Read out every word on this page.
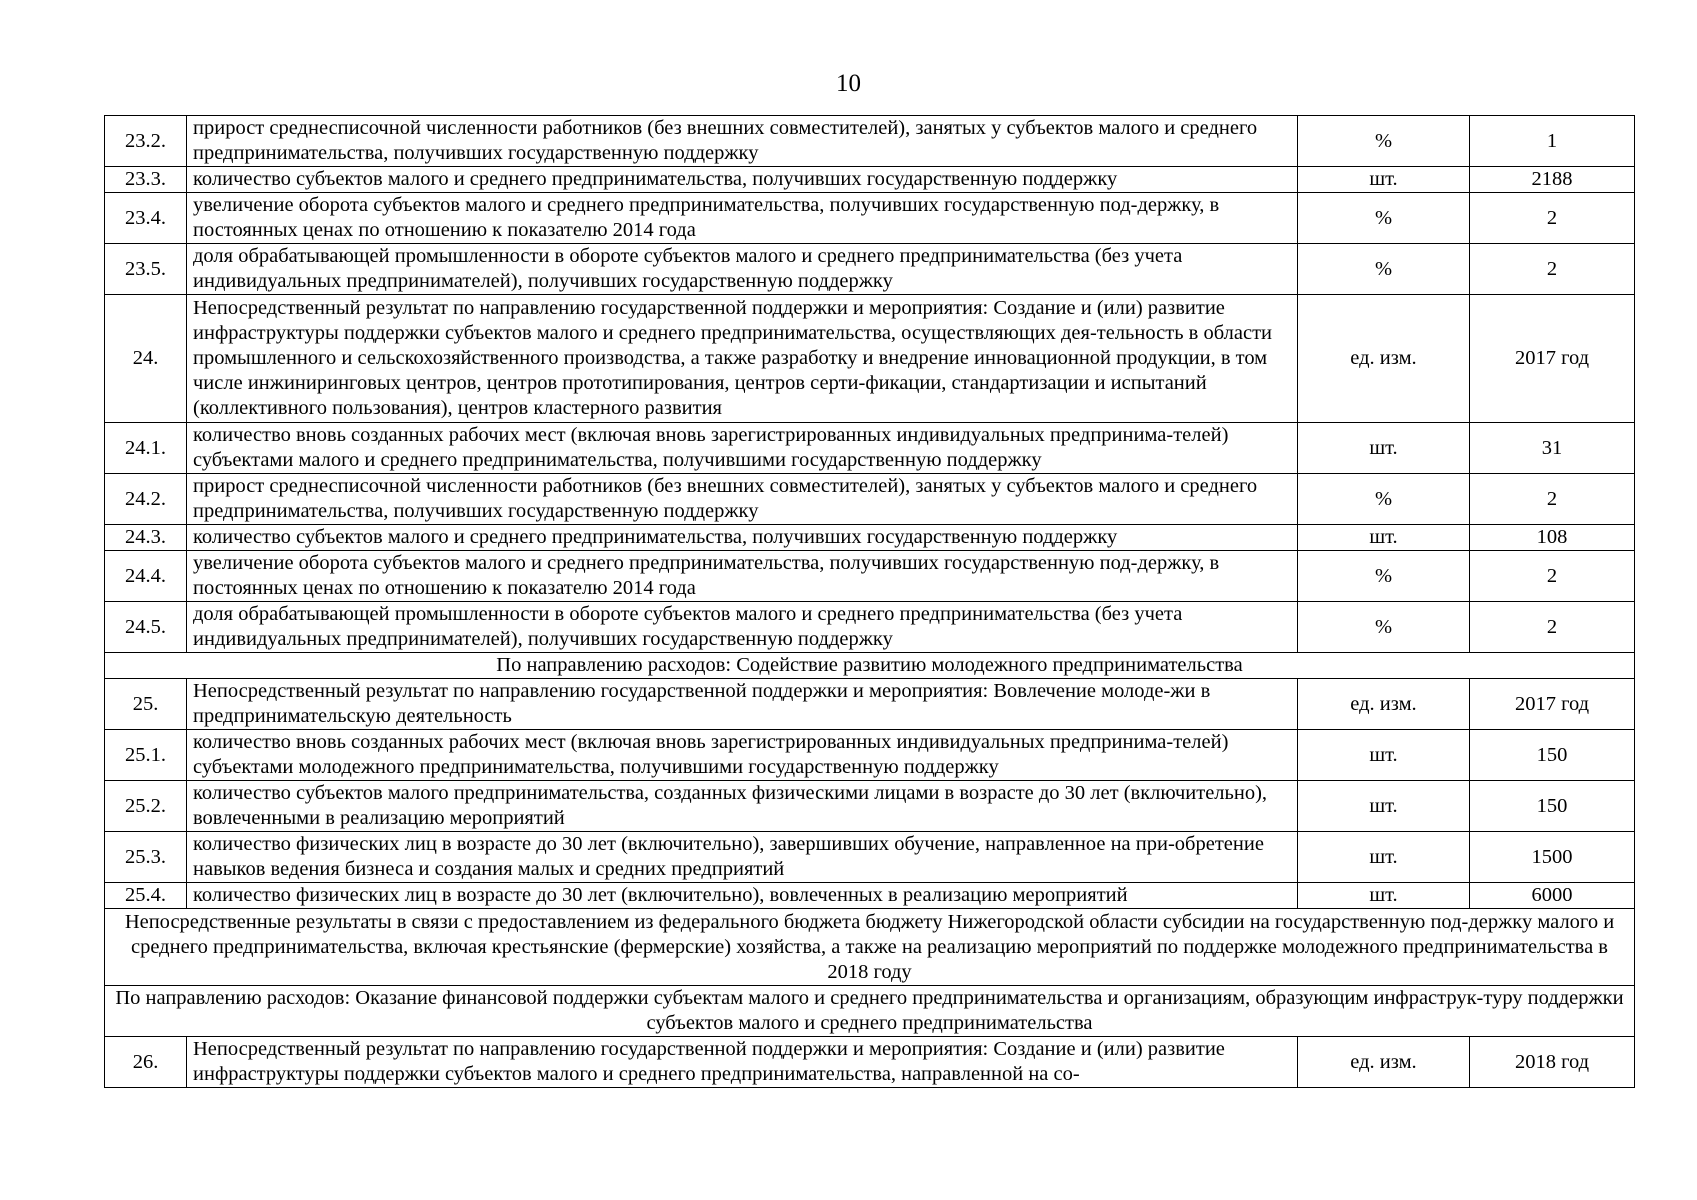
10
23.2.	прирост среднесписочной численности работников (без внешних совместителей), занятых у субъектов малого и среднего предпринимательства, получивших государственную поддержку	%	1
23.3.	количество субъектов малого и среднего предпринимательства, получивших государственную поддержку	шт.	2188
23.4.	увеличение оборота субъектов малого и среднего предпринимательства, получивших государственную под-держку, в постоянных ценах по отношению к показателю 2014 года	%	2
23.5.	доля обрабатывающей промышленности в обороте субъектов малого и среднего предпринимательства (без учета индивидуальных предпринимателей), получивших государственную поддержку	%	2
24.	Непосредственный результат по направлению государственной поддержки и мероприятия: Создание и (или) развитие инфраструктуры поддержки субъектов малого и среднего предпринимательства, осуществляющих дея-тельность в области промышленного и сельскохозяйственного производства, а также разработку и внедрение инновационной продукции, в том числе инжиниринговых центров, центров прототипирования, центров серти-фикации, стандартизации и испытаний (коллективного пользования), центров кластерного развития	ед. изм.	2017 год
24.1.	количество вновь созданных рабочих мест (включая вновь зарегистрированных индивидуальных предпринима-телей) субъектами малого и среднего предпринимательства, получившими государственную поддержку	шт.	31
24.2.	прирост среднесписочной численности работников (без внешних совместителей), занятых у субъектов малого и среднего предпринимательства, получивших государственную поддержку	%	2
24.3.	количество субъектов малого и среднего предпринимательства, получивших государственную поддержку	шт.	108
24.4.	увеличение оборота субъектов малого и среднего предпринимательства, получивших государственную под-держку, в постоянных ценах по отношению к показателю 2014 года	%	2
24.5.	доля обрабатывающей промышленности в обороте субъектов малого и среднего предпринимательства (без учета индивидуальных предпринимателей), получивших государственную поддержку	%	2
По направлению расходов: Содействие развитию молодежного предпринимательства			
25.	Непосредственный результат по направлению государственной поддержки и мероприятия: Вовлечение молоде-жи в предпринимательскую деятельность	ед. изм.	2017 год
25.1.	количество вновь созданных рабочих мест (включая вновь зарегистрированных индивидуальных предпринима-телей) субъектами молодежного предпринимательства, получившими государственную поддержку	шт.	150
25.2.	количество субъектов малого предпринимательства, созданных физическими лицами в возрасте до 30 лет (включительно), вовлеченными в реализацию мероприятий	шт.	150
25.3.	количество физических лиц в возрасте до 30 лет (включительно), завершивших обучение, направленное на при-обретение навыков ведения бизнеса и создания малых и средних предприятий	шт.	1500
25.4.	количество физических лиц в возрасте до 30 лет (включительно), вовлеченных в реализацию мероприятий	шт.	6000
Непосредственные результаты в связи с предоставлением из федерального бюджета бюджету Нижегородской области субсидии на государственную под-держку малого и среднего предпринимательства, включая крестьянские (фермерские) хозяйства, а также на реализацию мероприятий по поддержке молодежного предпринимательства в 2018 году			
По направлению расходов: Оказание финансовой поддержки субъектам малого и среднего предпринимательства и организациям, образующим инфраструк-туру поддержки субъектов малого и среднего предпринимательства			
26.	Непосредственный результат по направлению государственной поддержки и мероприятия: Создание и (или) развитие инфраструктуры поддержки субъектов малого и среднего предпринимательства, направленной на со-	ед. изм.	2018 год
